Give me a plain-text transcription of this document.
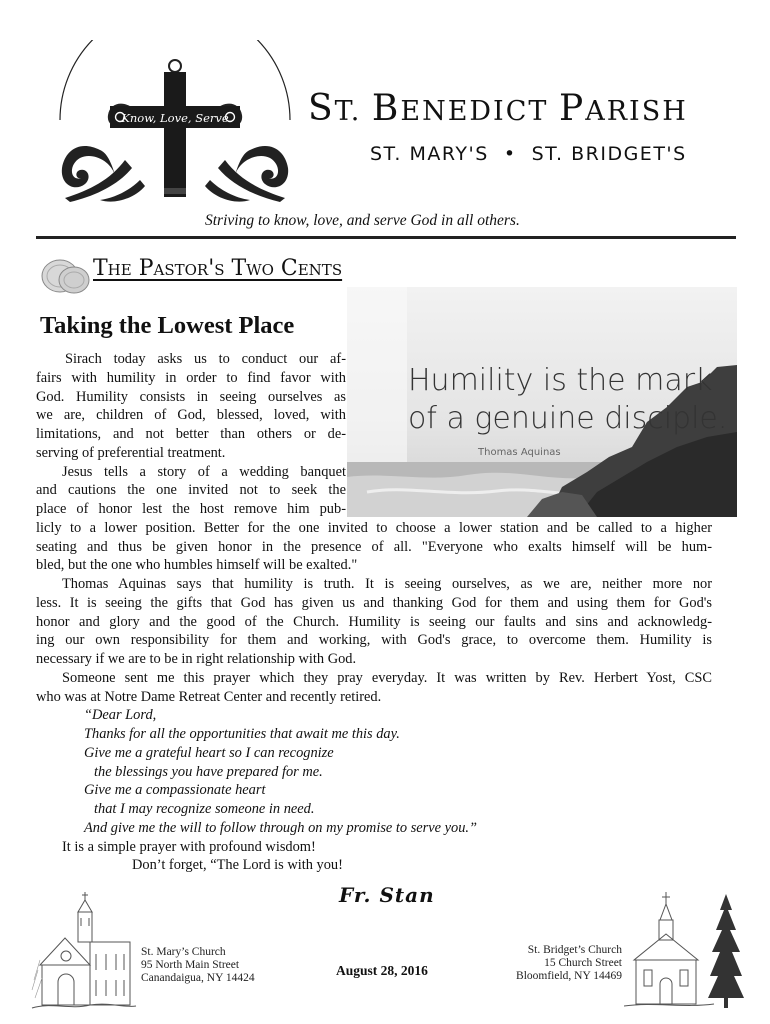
Know, Love, Serve ST. BENEDICT PARISH
ST. MARY'S  •  ST. BRIDGET'S
Striving to know, love, and serve God in all others.
The Pastor's Two Cents
Taking the Lowest Place
Humility is the mark
of a genuine disciple.
Thomas Aquinas
Sirach today asks us to conduct our af-
fairs with humility in order to find favor with
God. Humility consists in seeing ourselves as
we are, children of God, blessed, loved, with
limitations, and not better than others or de-
serving of preferential treatment.
Jesus tells a story of a wedding banquet
and cautions the one invited not to seek the
place of honor lest the host remove him pub-
licly to a lower position. Better for the one invited to choose a lower station and be called to a higher
seating and thus be given honor in the presence of all. "Everyone who exalts himself will be hum-
bled, but the one who humbles himself will be exalted."
Thomas Aquinas says that humility is truth. It is seeing ourselves, as we are, neither more nor
less. It is seeing the gifts that God has given us and thanking God for them and using them for God's
honor and glory and the good of the Church. Humility is seeing our faults and sins and acknowledg-
ing our own responsibility for them and working, with God's grace, to overcome them. Humility is
necessary if we are to be in right relationship with God.
Someone sent me this prayer which they pray everyday. It was written by Rev. Herbert Yost, CSC
who was at Notre Dame Retreat Center and recently retired.
“Dear Lord,
Thanks for all the opportunities that await me this day.
Give me a grateful heart so I can recognize
the blessings you have prepared for me.
Give me a compassionate heart
that I may recognize someone in need.
And give me the will to follow through on my promise to serve you.”
It is a simple prayer with profound wisdom!
Don’t forget, “The Lord is with you!
Fr. Stan
St. Mary’s Church
95 North Main Street
Canandaigua, NY 14424	August 28, 2016
St. Bridget’s Church
15 Church Street
Bloomfield, NY 14469
